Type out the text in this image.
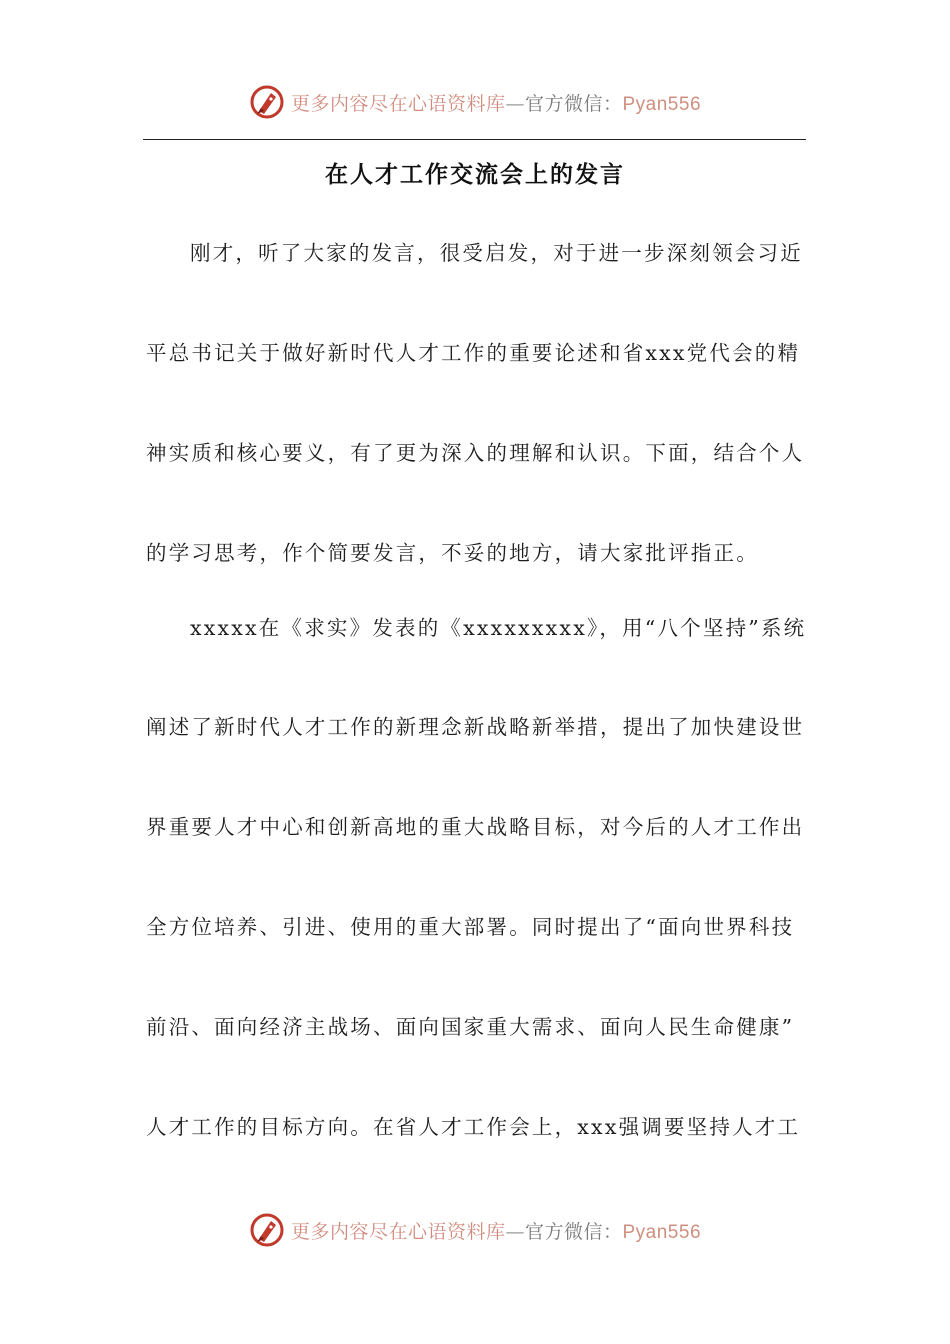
更多内容尽在心语资料库—官方微信：Pyan556
在人才工作交流会上的发言
刚才，听了大家的发言，很受启发，对于进一步深刻领会习近
平总书记关于做好新时代人才工作的重要论述和省xxx党代会的精
神实质和核心要义，有了更为深入的理解和认识。下面，结合个人
的学习思考，作个简要发言，不妥的地方，请大家批评指正。
xxxxx在《求实》发表的《xxxxxxxxx》，用“八个坚持”系统
阐述了新时代人才工作的新理念新战略新举措，提出了加快建设世
界重要人才中心和创新高地的重大战略目标，对今后的人才工作出
全方位培养、引进、使用的重大部署。同时提出了“面向世界科技
前沿、面向经济主战场、面向国家重大需求、面向人民生命健康”
人才工作的目标方向。在省人才工作会上，xxx强调要坚持人才工
更多内容尽在心语资料库—官方微信：Pyan556
